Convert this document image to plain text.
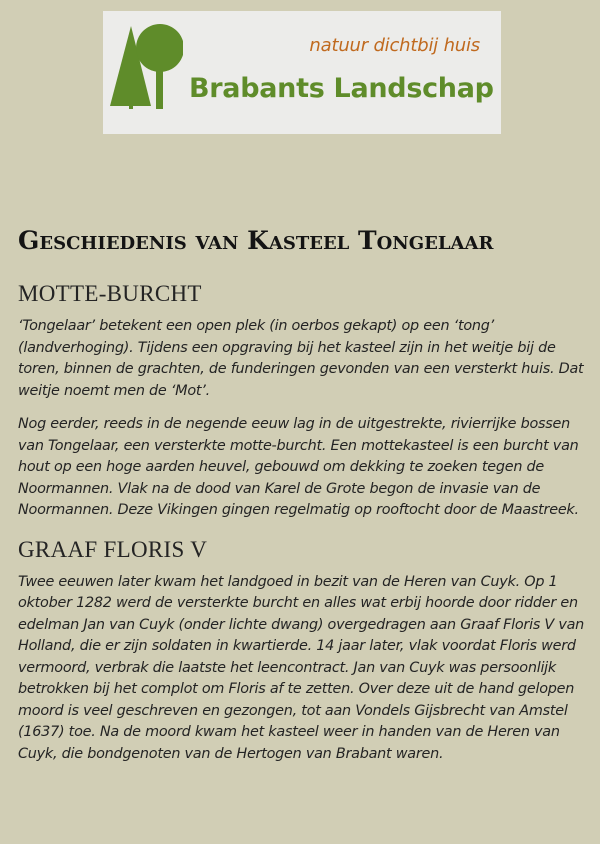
natuur dichtbij huis
Brabants Landschap
Geschiedenis van Kasteel Tongelaar
MOTTE-BURCHT

‘Tongelaar’ betekent een open plek (in oerbos gekapt) op een ‘tong’ (landverhoging). Tijdens een opgraving bij het kasteel zijn in het weitje bij de toren, binnen de grachten, de funderingen gevonden van een versterkt huis. Dat weitje noemt men de ‘Mot’.

Nog eerder, reeds in de negende eeuw lag in de uitgestrekte, rivierrijke bossen van Tongelaar, een versterkte motte-burcht. Een mottekasteel is een burcht van hout op een hoge aarden heuvel, gebouwd om dekking te zoeken tegen de Noormannen. Vlak na de dood van Karel de Grote begon de invasie van de Noormannen. Deze Vikingen gingen regelmatig op rooftocht door de Maastreek.

GRAAF FLORIS V

Twee eeuwen later kwam het landgoed in bezit van de Heren van Cuyk. Op 1 oktober 1282 werd de versterkte burcht en alles wat erbij hoorde door ridder en edelman Jan van Cuyk (onder lichte dwang) overgedragen aan Graaf Floris V van Holland, die er zijn soldaten in kwartierde. 14 jaar later, vlak voordat Floris werd vermoord, verbrak die laatste het leencontract. Jan van Cuyk was persoonlijk betrokken bij het complot om Floris af te zetten. Over deze uit de hand gelopen moord is veel geschreven en gezongen, tot aan Vondels Gijsbrecht van Amstel (1637) toe. Na de moord kwam het kasteel weer in handen van de Heren van Cuyk, die bondgenoten van de Hertogen van Brabant waren.
